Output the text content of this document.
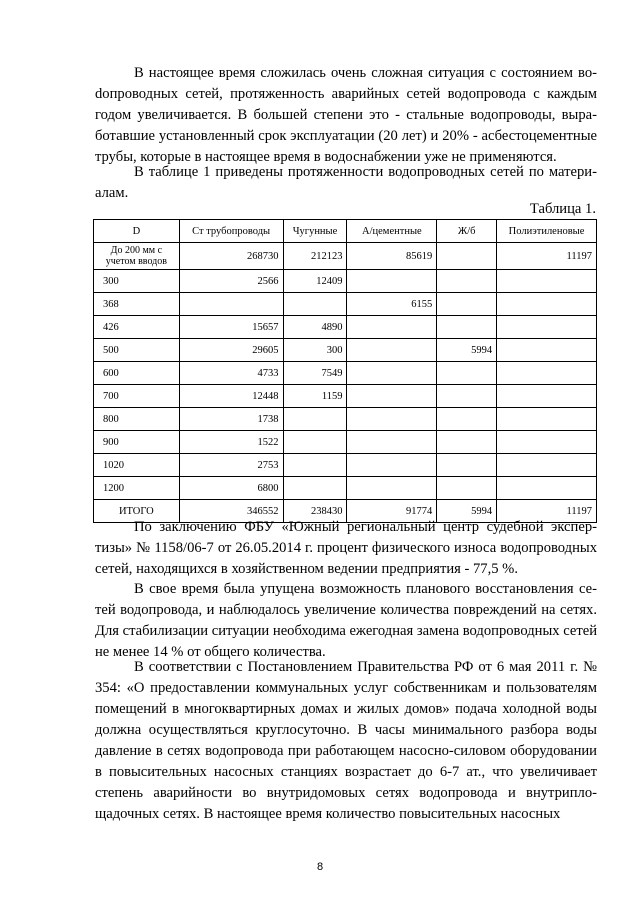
В настоящее время сложилась очень сложная ситуация с состоянием воdопроводных сетей, протяженность аварийных сетей водопровода с каждым годом увеличивается. В большей степени это - стальные водопроводы, выработавшие установленный срок эксплуатации (20 лет) и 20% - асбестоцементные трубы, которые в настоящее время в водоснабжении уже не применяются.

В таблице 1 приведены протяженности водопроводных сетей по материалам.

Таблица 1.
D	Ст трубопроводы	Чугунные	А/цементные	Ж/б	Полиэтиленовые
До 200 мм с учетом вводов	268730	212123	85619		11197
300	2566	12409			
368			6155		
426	15657	4890			
500	29605	300		5994	
600	4733	7549			
700	12448	1159			
800	1738				
900	1522				
1020	2753				
1200	6800				
ИТОГО	346552	238430	91774	5994	11197

По заключению ФБУ «Южный региональный центр судебной экспертизы» № 1158/06-7 от 26.05.2014 г. процент физического износа водопроводных сетей, находящихся в хозяйственном ведении предприятия - 77,5 %.

В свое время была упущена возможность планового восстановления сетей водопровода, и наблюдалось увеличение количества повреждений на сетях. Для стабилизации ситуации необходима ежегодная замена водопроводных сетей не менее 14 % от общего количества.

В соответствии с Постановлением Правительства РФ от 6 мая 2011 г. № 354: «О предоставлении коммунальных услуг собственникам и пользователям помещений в многоквартирных домах и жилых домов» подача холодной воды должна осуществляться круглосуточно. В часы минимального разбора воды давление в сетях водопровода при работающем насосно-силовом оборудовании в повысительных насосных станциях возрастает до 6-7 ат., что увеличивает степень аварийности во внутридомовых сетях водопровода и внутриплощадочных сетях. В настоящее время количество повысительных насосных

8
